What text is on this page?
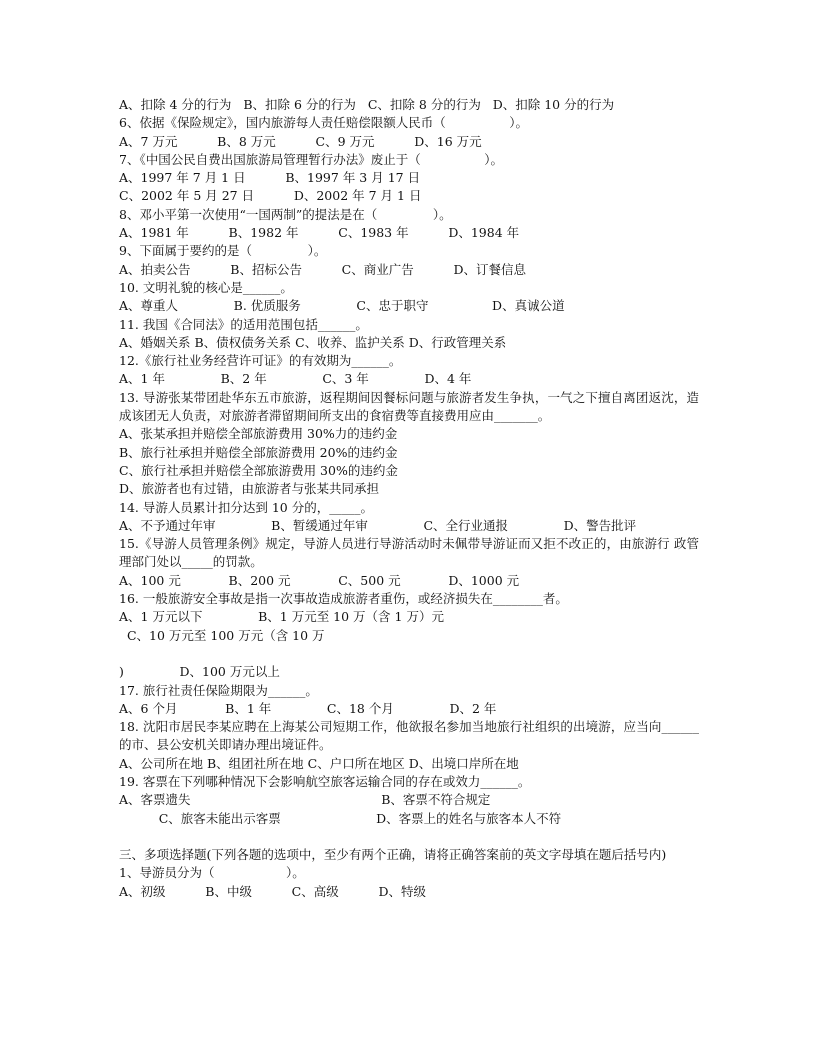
A、扣除 4 分的行为   B、扣除 6 分的行为   C、扣除 8 分的行为   D、扣除 10 分的行为
6、依据《保险规定》，国内旅游每人责任赔偿限额人民币（                ）。
A、7 万元          B、8 万元          C、9 万元          D、16 万元
7、《中国公民自费出国旅游局管理暂行办法》废止于（                ）。
A、1997 年 7 月 1 日          B、1997 年 3 月 17 日
C、2002 年 5 月 27 日          D、2002 年 7 月 1 日
8、邓小平第一次使用“一国两制”的提法是在（              ）。
A、1981 年          B、1982 年          C、1983 年          D、1984 年
9、下面属于要约的是（              ）。
A、拍卖公告          B、招标公告          C、商业广告          D、订餐信息
10. 文明礼貌的核心是______。
A、尊重人              B. 优质服务              C、忠于职守                D、真诚公道
11. 我国《合同法》的适用范围包括______。
A、婚姻关系 B、债权债务关系 C、收养、监护关系 D、行政管理关系
12.《旅行社业务经营许可证》的有效期为______。
A、1 年              B、2 年              C、3 年              D、4 年
13. 导游张某带团赴华东五市旅游，返程期间因餐标问题与旅游者发生争执，一气之下擅自离团返沈，造成该团无人负责，对旅游者滞留期间所支出的食宿费等直接费用应由_______。
A、张某承担并赔偿全部旅游费用 30%力的违约金
B、旅行社承担并赔偿全部旅游费用 20%的违约金
C、旅行社承担并赔偿全部旅游费用 30%的违约金
D、旅游者也有过错，由旅游者与张某共同承担
14. 导游人员累计扣分达到 10 分的，_____。
A、不予通过年审              B、暂缓通过年审              C、全行业通报              D、警告批评
15.《导游人员管理条例》规定，导游人员进行导游活动时未佩带导游证而又拒不改正的，由旅游行 政管理部门处以_____的罚款。
A、100 元            B、200 元            C、500 元            D、1000 元
16. 一般旅游安全事故是指一次事故造成旅游者重伤，或经济损失在________者。
A、1 万元以下              B、1 万元至 10 万（含 1 万）元
C、10 万元至 100 万元（含 10 万
)              D、100 万元以上
17. 旅行社责任保险期限为______。
A、6 个月            B、1 年              C、18 个月              D、2 年
18. 沈阳市居民李某应聘在上海某公司短期工作，他欲报名参加当地旅行社组织的出境游，应当向______的市、县公安机关即请办理出境证件。
A、公司所在地 B、组团社所在地 C、户口所在地区 D、出境口岸所在地
19. 客票在下列哪种情况下会影响航空旅客运输合同的存在或效力______。
A、客票遗失                                                B、客票不符合规定
C、旅客未能出示客票                        D、客票上的姓名与旅客本人不符
三、多项选择题(下列各题的选项中，至少有两个正确，请将正确答案前的英文字母填在题后括号内)
1、导游员分为（                  ）。
A、初级          B、中级          C、高级          D、特级
